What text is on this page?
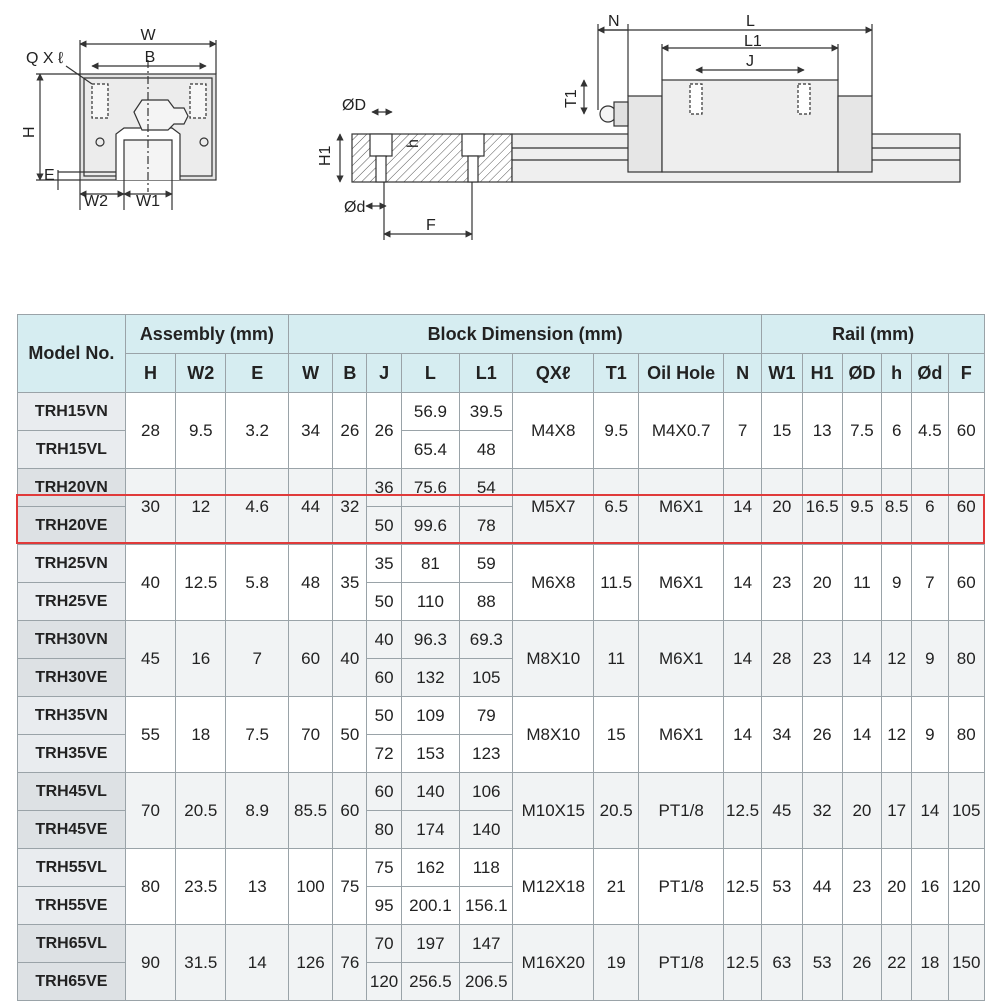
W
B
Q X ℓ
H
E
W2 W1
ØD
h
H1
Ød
F
N	L
L1
J
T1
Model No.	Assembly (mm)			Block Dimension (mm)									Rail (mm)					
	H	W2	E	W	B	J	L	L1	QXℓ	T1	Oil Hole	N	W1	H1	ØD	h	Ød	F
TRH15VN	28	9.5	3.2	34	26	26	56.9	39.5	M4X8	9.5	M4X0.7	7	15	13	7.5	6	4.5	60
TRH15VL							65.4	48										
TRH20VN	30	12	4.6	44	32	36	75.6	54	M5X7	6.5	M6X1	14	20	16.5	9.5	8.5	6	60
TRH20VE						50	99.6	78										
TRH25VN	40	12.5	5.8	48	35	35	81	59	M6X8	11.5	M6X1	14	23	20	11	9	7	60
TRH25VE						50	110	88										
TRH30VN	45	16	7	60	40	40	96.3	69.3	M8X10	11	M6X1	14	28	23	14	12	9	80
TRH30VE						60	132	105										
TRH35VN	55	18	7.5	70	50	50	109	79	M8X10	15	M6X1	14	34	26	14	12	9	80
TRH35VE						72	153	123										
TRH45VL	70	20.5	8.9	85.5	60	60	140	106	M10X15	20.5	PT1/8	12.5	45	32	20	17	14	105
TRH45VE						80	174	140										
TRH55VL	80	23.5	13	100	75	75	162	118	M12X18	21	PT1/8	12.5	53	44	23	20	16	120
TRH55VE						95	200.1	156.1										
TRH65VL	90	31.5	14	126	76	70	197	147	M16X20	19	PT1/8	12.5	63	53	26	22	18	150
TRH65VE						120	256.5	206.5										
